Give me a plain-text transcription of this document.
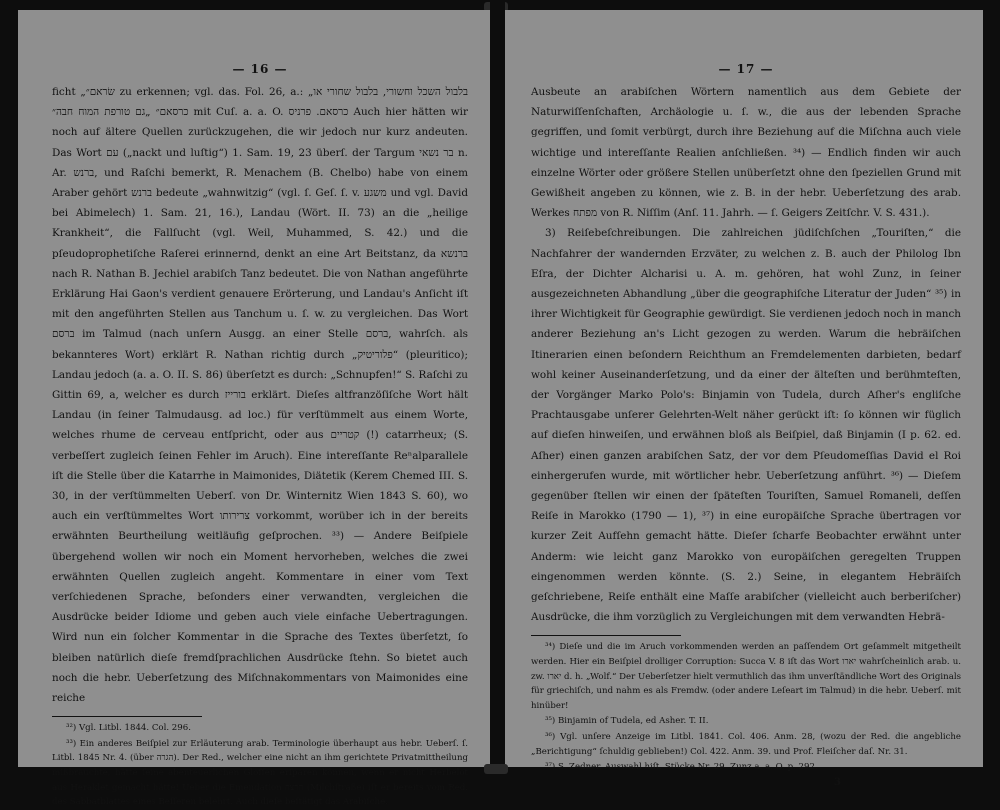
— 16 —

ficht „שׂראם״ zu erkennen; vgl. das. Fol. 26, a.: „בלבול השכל וחשורי, בלבול שחורי או כרסאם״ „גם טורפת המוח חבה״ mit Cuſ. a. a. O. כרסאם. פרניס Auch hier hätten wir noch auf ältere Quellen zurückzugehen, die wir jedoch nur kurz andeuten. Das Wort עם („nackt und luſtig“) 1. Sam. 19, 23 überſ. der Targum בר נשאי n. Ar. ברנש, und Raſchi bemerkt, R. Menachem (B. Chelbo) habe von einem Araber gehört ברנש bedeute „wahnwitzig“ (vgl. ſ. Geſ. ſ. v. משגע und vgl. David bei Abimelech) 1. Sam. 21, 16.), Landau (Wört. II. 73) an die „heilige Krankheit“, die Fallſucht (vgl. Weil, Muhammed, S. 42.) und die pſeudoprophetiſche Raſerei erinnernd, denkt an eine Art Beitstanz, da ברנשא nach R. Nathan B. Jechiel arabiſch Tanz bedeutet. Die von Nathan angeführte Erklärung Hai Gaon's verdient genauere Erörterung, und Landau's Anſicht iſt mit den angeführten Stellen aus Tanchum u. ſ. w. zu vergleichen. Das Wort ברסם im Talmud (nach unſern Ausgg. an einer Stelle ברסם, wahrſch. als bekannteres Wort) erklärt R. Nathan richtig durch „פלוריטיק“ (pleuritico); Landau jedoch (a. a. O. II. S. 86) überſetzt es durch: „Schnupfen!“ S. Raſchi zu Gittin 69, a, welcher es durch בורייז erklärt. Dieſes altfranzöſiſche Wort hält Landau (in ſeiner Talmudausg. ad loc.) für verſtümmelt aus einem Worte, welches rhume de cerveau entſpricht, oder aus קטריים (!) catarrheux; (S. verbeſſert zugleich ſeinen Fehler im Aruch). Eine intereſſante Reⁿalparallele iſt die Stelle über die Katarrhe in Maimonides, Diätetik (Kerem Chemed III. S. 30, in der verſtümmelten Ueberſ. von Dr. Winternitz Wien 1843 S. 60), wo auch ein verſtümmeltes Wort צרירותו vorkommt, worüber ich in der bereits erwähnten Beurtheilung weitläufig geſprochen. ³³) — Andere Beiſpiele übergehend wollen wir noch ein Moment hervorheben, welches die zwei erwähnten Quellen zugleich angeht. Kommentare in einer vom Text verſchiedenen Sprache, beſonders einer verwandten, vergleichen die Ausdrücke beider Idiome und geben auch viele einfache Uebertragungen. Wird nun ein ſolcher Kommentar in die Sprache des Textes überſetzt, ſo bleiben natürlich dieſe fremdſprachlichen Ausdrücke ſtehn. So bietet auch noch die hebr. Ueberſetzung des Miſchnakommentars von Maimonides eine reiche

³²) Vgl. Litbl. 1844. Col. 296.

³³) Ein anderes Beiſpiel zur Erläuterung arab. Terminologie überhaupt aus hebr. Ueberſ. ſ. Litbl. 1845 Nr. 4. (über הגרה). Der Red., welcher eine nicht an ihm gerichtete Privatmittheilung mißbrauchte, hätte ſeine abenteuerlichen Gloſſen erſparen können, wenn er nicht Herbelot aus Heraklet gemacht hätte! Ueber die Emendation הרצה (Milchſtraße) iſt er bereits vom Red. des Sabbatblattes eines Beſſeren belehrt. Auch dieſe beſtätigt das Arabiſche.

— 17 —

Ausbeute an arabiſchen Wörtern namentlich aus dem Gebiete der Naturwiſſenſchaften, Archäologie u. ſ. w., die aus der lebenden Sprache gegriffen, und ſomit verbürgt, durch ihre Beziehung auf die Miſchna auch viele wichtige und intereſſante Realien anſchließen. ³⁴) — Endlich finden wir auch einzelne Wörter oder größere Stellen unüberſetzt ohne den ſpeziellen Grund mit Gewißheit angeben zu können, wie z. B. in der hebr. Ueberſetzung des arab. Werkes מפתח von R. Niſſim (Anſ. 11. Jahrh. — ſ. Geigers Zeitſchr. V. S. 431.).

3) Reiſebeſchreibungen. Die zahlreichen jüdiſchſchen „Touriſten,“ die Nachfahrer der wandernden Erzväter, zu welchen z. B. auch der Philolog Ibn Eſra, der Dichter Alcharisi u. A. m. gehören, hat wohl Zunz, in ſeiner ausgezeichneten Abhandlung „über die geographiſche Literatur der Juden“ ³⁵) in ihrer Wichtigkeit für Geographie gewürdigt. Sie verdienen jedoch noch in manch anderer Beziehung an's Licht gezogen zu werden. Warum die hebräiſchen Itinerarien einen beſondern Reichthum an Fremdelementen darbieten, bedarf wohl keiner Auseinanderſetzung, und da einer der älteſten und berühmteſten, der Vorgänger Marko Polo's: Binjamin von Tudela, durch Aſher's engliſche Prachtausgabe unſerer Gelehrten-Welt näher gerückt iſt: ſo können wir füglich auf dieſen hinweiſen, und erwähnen bloß als Beiſpiel, daß Binjamin (I p. 62. ed. Aſher) einen ganzen arabiſchen Satz, der vor dem Pſeudomeſſias David el Roi einhergerufen wurde, mit wörtlicher hebr. Ueberſetzung anführt. ³⁶) — Dieſem gegenüber ſtellen wir einen der ſpäteſten Touriſten, Samuel Romaneli, deſſen Reiſe in Marokko (1790 — 1), ³⁷) in eine europäiſche Sprache übertragen vor kurzer Zeit Aufſehn gemacht hätte. Dieſer ſcharfe Beobachter erwähnt unter Anderm: wie leicht ganz Marokko von europäiſchen geregelten Truppen eingenommen werden könnte. (S. 2.) Seine, in elegantem Hebräiſch geſchriebene, Reiſe enthält eine Maſſe arabiſcher (vielleicht auch berberiſcher) Ausdrücke, die ihm vorzüglich zu Vergleichungen mit dem verwandten Hebrä-

³⁴) Dieſe und die im Aruch vorkommenden werden an paſſendem Ort geſammelt mitgetheilt werden. Hier ein Beiſpiel drolliger Corruption: Succa V. 8 iſt das Wort יארו wahrſcheinlich arab. u. zw. יארו d. h. „Wolf.“ Der Ueberſetzer hielt vermuthlich das ihm unverſtändliche Wort des Originals für griechiſch, und nahm es als Fremdw. (oder andere Leſeart im Talmud) in die hebr. Ueberſ. mit hinüber!

³⁵) Binjamin of Tudela, ed Asher. T. II.

³⁶) Vgl. unſere Anzeige im Litbl. 1841. Col. 406. Anm. 28, (wozu der Red. die angebliche „Berichtigung“ ſchuldig geblieben!) Col. 422. Anm. 39. und Prof. Fleiſcher daſ. Nr. 31.

³⁷) S. Zedner, Auswahl hiſt. Stücke Nr. 29. Zunz a. a. O. p. 292.

3
